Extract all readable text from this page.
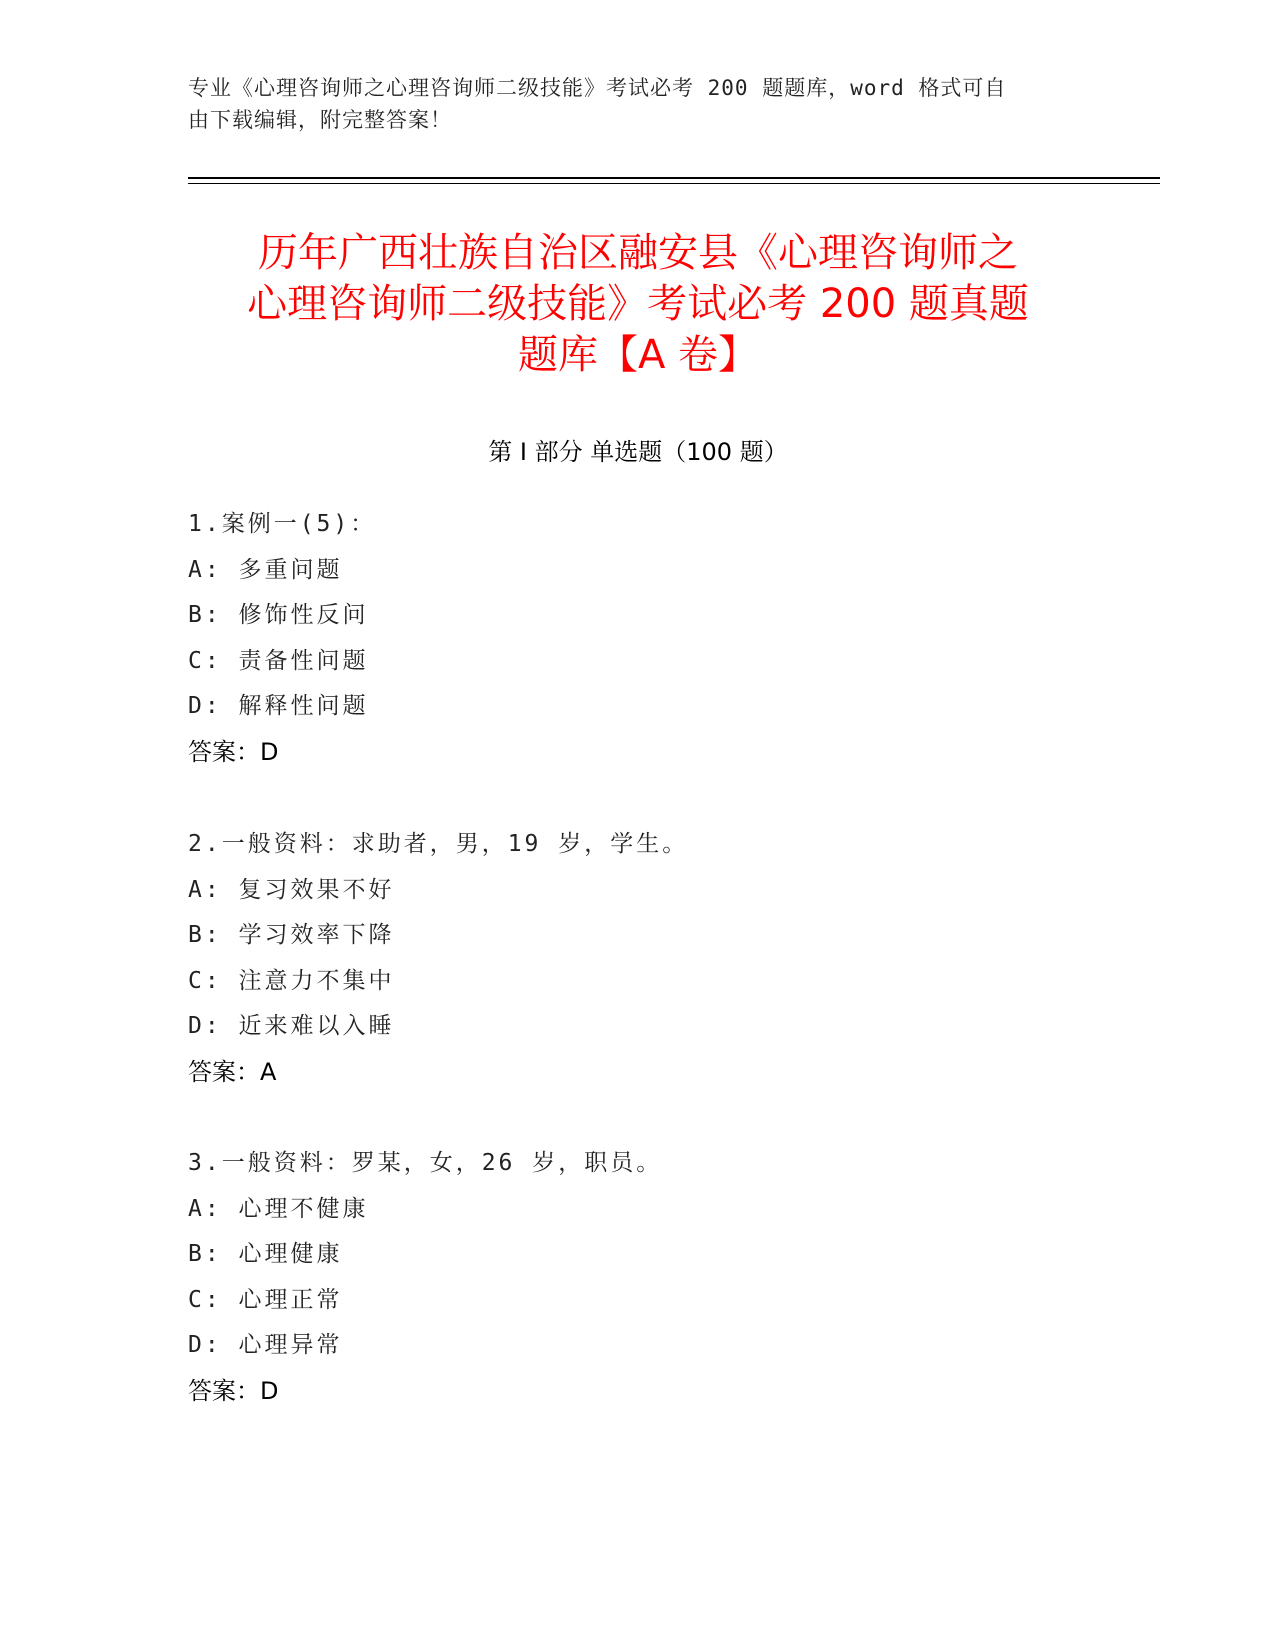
专业《心理咨询师之心理咨询师二级技能》考试必考 200 题题库，word 格式可自
由下载编辑，附完整答案！
历年广西壮族自治区融安县《心理咨询师之
心理咨询师二级技能》考试必考 200 题真题
题库【A 卷】
第 I 部分 单选题（100 题）
1.案例一(5)：
A: 多重问题
B: 修饰性反问
C: 责备性问题
D: 解释性问题
答案：D
2.一般资料：求助者，男，19 岁，学生。
A: 复习效果不好
B: 学习效率下降
C: 注意力不集中
D: 近来难以入睡
答案：A
3.一般资料：罗某，女，26 岁，职员。
A: 心理不健康
B: 心理健康
C: 心理正常
D: 心理异常
答案：D
